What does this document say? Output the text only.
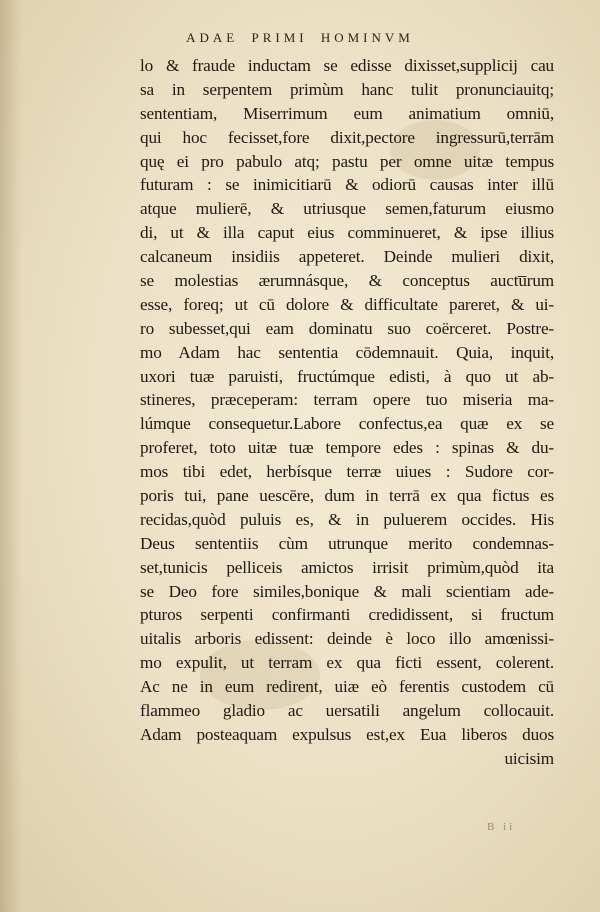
ADAE PRIMI HOMINVM
lo & fraude inductam se edisse dixisset,supplicij cau
sa in serpentem primùm hanc tulit pronunciauitq;
sententiam, Miserrimum eum animatium omniū,
qui hoc fecisset,fore dixit,pectore ingressurū,terrām
quę ei pro pabulo atq; pastu per omne uitæ tempus
futuram : se inimicitiarū & odiorū causas inter illū
atque mulierē, & utriusque semen,faturum eiusmo
di, ut & illa caput eius comminueret, & ipse illius
calcaneum insidiis appeteret. Deinde mulieri dixit,
se molestias ærumnásque, & conceptus auctu̅rum
esse, foreq; ut cū dolore & difficultate pareret, & ui-
ro subesset,qui eam dominatu suo coërceret. Postre-
mo Adam hac sententia cōdemnauit. Quia, inquit,
uxori tuæ paruisti, fructúmque edisti, à quo ut ab-
stineres, præceperam: terram opere tuo miseria ma-
lúmque consequetur.Labore confectus,ea quæ ex se
proferet, toto uitæ tuæ tempore edes : spinas & du-
mos tibi edet, herbísque terræ uiues : Sudore cor-
poris tui, pane uescēre, dum in terrā ex qua fictus es
recidas,quòd puluis es, & in puluerem occides. His
Deus sententiis cùm utrunque merito condemnas-
set,tunicis pelliceis amictos irrisit primùm,quòd ita
se Deo fore similes,bonique & mali scientiam ade-
pturos serpenti confirmanti credidissent, si fructum
uitalis arboris edissent: deinde è loco illo amœnissi-
mo expulit, ut terram ex qua ficti essent, colerent.
Ac ne in eum redirent, uiæ eò ferentis custodem cū
flammeo gladio ac uersatili angelum collocauit.
Adam posteaquam expulsus est,ex Eua liberos duos
uicisim
B ii
